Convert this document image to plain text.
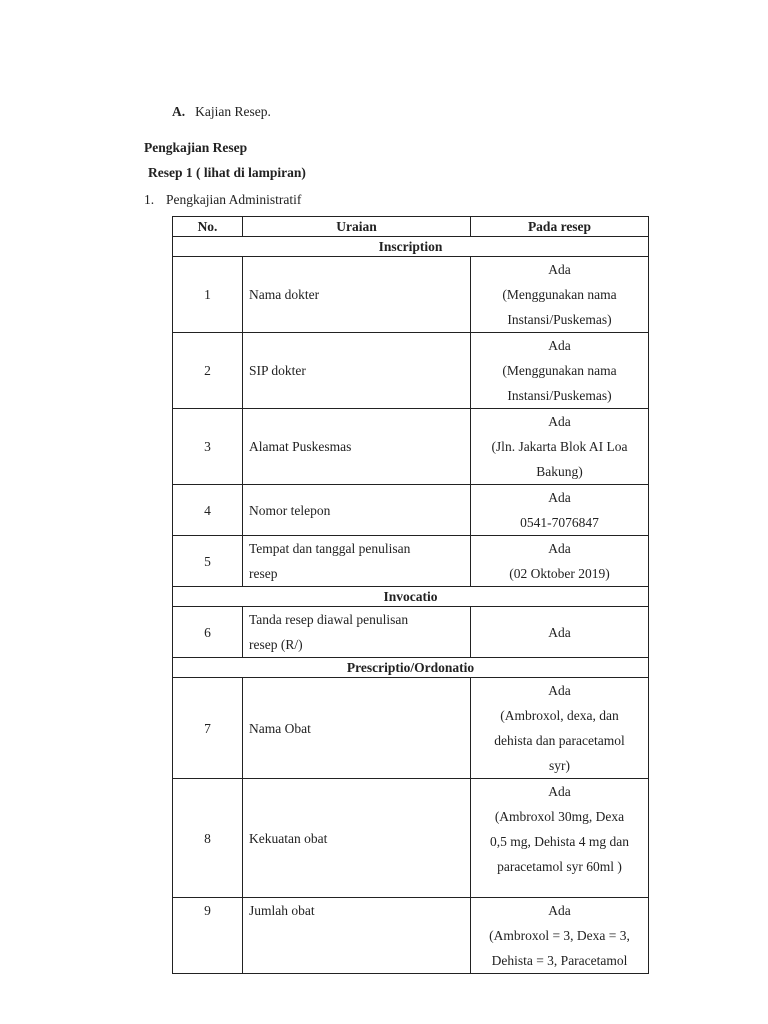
A. Kajian Resep.
Pengkajian Resep
Resep 1 ( lihat di lampiran)
1. Pengkajian Administratif
No.	Uraian	Pada resep
Inscription		
1	Nama dokter	Ada
(Menggunakan nama
Instansi/Puskemas)

2	SIP dokter	Ada
(Menggunakan nama
Instansi/Puskemas)

3	Alamat Puskesmas	Ada
(Jln. Jakarta Blok AI Loa
Bakung)

4	Nomor telepon	Ada
0541-7076847

5	Tempat dan tanggal penulisan
resep	Ada
(02 Oktober 2019)

Invocatio		
6	Tanda resep diawal penulisan
resep (R/)	Ada

Prescriptio/Ordonatio		
7	Nama Obat	Ada
(Ambroxol, dexa, dan
dehista dan paracetamol
syr)

8	Kekuatan obat	Ada
(Ambroxol 30mg, Dexa
0,5 mg, Dehista 4 mg dan
paracetamol syr 60ml )

9	Jumlah obat	Ada
(Ambroxol = 3, Dexa = 3,
Dehista = 3, Paracetamol
